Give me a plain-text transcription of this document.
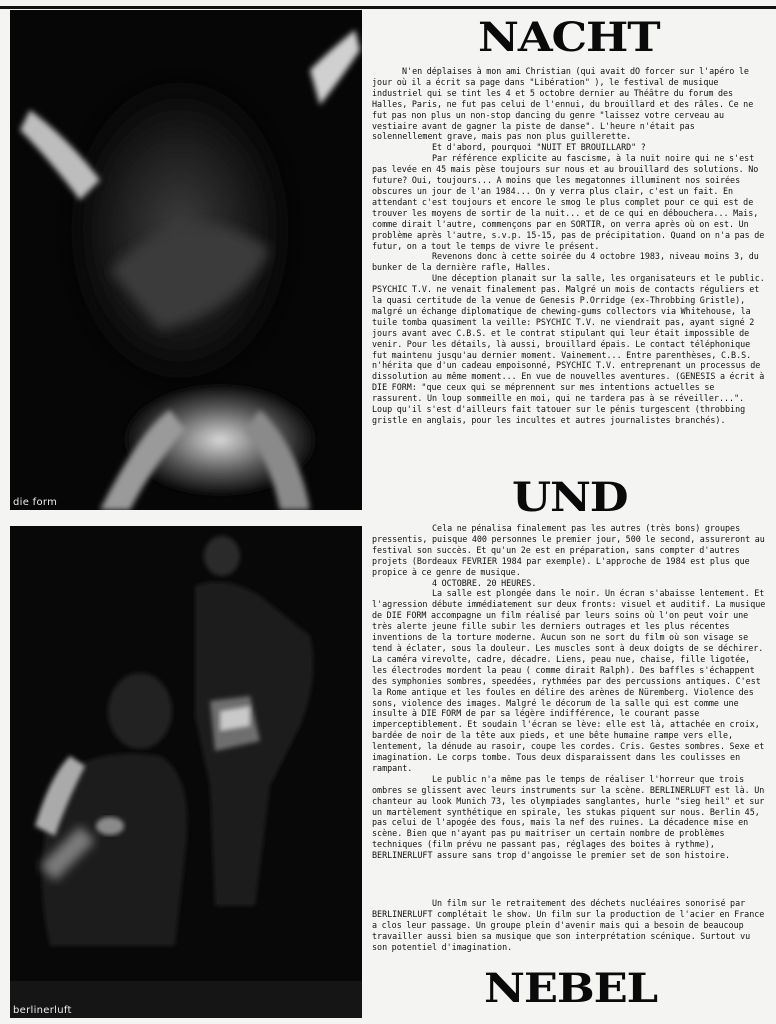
die form
berlinerluft
NACHT

N'en déplaises à mon ami Christian (qui avait dO forcer sur l'apéro le jour où il a écrit sa page dans "Libération" ), le festival de musique industriel qui se tint les 4 et 5 octobre dernier au Théâtre du forum des Halles, Paris, ne fut pas celui de l'ennui, du brouillard et des râles. Ce ne fut pas non plus un non-stop dancing du genre "laissez votre cerveau au vestiaire avant de gagner la piste de danse". L'heure n'était pas solennellement grave, mais pas non plus guillerette.

Et d'abord, pourquoi "NUIT ET BROUILLARD" ?

Par référence explicite au fascisme, à la nuit noire qui ne s'est pas levée en 45 mais pèse toujours sur nous et au brouillard des solutions. No future? Oui, toujours... A moins que les megatonnes illuminent nos soirées obscures un jour de l'an 1984... On y verra plus clair, c'est un fait. En attendant c'est toujours et encore le smog le plus complet pour ce qui est de trouver les moyens de sortir de la nuit... et de ce qui en débouchera... Mais, comme dirait l'autre, commençons par en SORTIR, on verra après où on est. Un problème après l'autre, s.v.p. 15-15, pas de précipitation. Quand on n'a pas de futur, on a tout le temps de vivre le présent.

Revenons donc à cette soirée du 4 octobre 1983, niveau moins 3, du bunker de la dernière rafle, Halles.

Une déception planait sur la salle, les organisateurs et le public. PSYCHIC T.V. ne venait finalement pas. Malgré un mois de contacts réguliers et la quasi certitude de la venue de Genesis P.Orridge (ex-Throbbing Gristle), malgré un échange diplomatique de chewing-gums collectors via Whitehouse, la tuile tomba quasiment la veille: PSYCHIC T.V. ne viendrait pas, ayant signé 2 jours avant avec C.B.S. et le contrat stipulant qui leur était impossible de venir. Pour les détails, là aussi, brouillard épais. Le contact téléphonique fut maintenu jusqu'au dernier moment. Vainement... Entre parenthèses, C.B.S. n'hérita que d'un cadeau empoisonné, PSYCHIC T.V. entreprenant un processus de dissolution au même moment... En vue de nouvelles aventures. (GENESIS a écrit à DIE FORM: "que ceux qui se méprennent sur mes intentions actuelles se rassurent. Un loup sommeille en moi, qui ne tardera pas à se réveiller...". Loup qu'il s'est d'ailleurs fait tatouer sur le pénis turgescent (throbbing gristle en anglais, pour les incultes et autres journalistes branchés).

UND

Cela ne pénalisa finalement pas les autres (très bons) groupes pressentis, puisque 400 personnes le premier jour, 500 le second, assureront au festival son succès. Et qu'un 2e est en préparation, sans compter d'autres projets (Bordeaux FEVRIER 1984 par exemple). L'approche de 1984 est plus que propice à ce genre de musique.

4 OCTOBRE. 20 HEURES.

La salle est plongée dans le noir. Un écran s'abaisse lentement. Et l'agression débute immédiatement sur deux fronts: visuel et auditif. La musique de DIE FORM accompagne un film réalisé par leurs soins où l'on peut voir une très alerte jeune fille subir les derniers outrages et les plus récentes inventions de la torture moderne. Aucun son ne sort du film où son visage se tend à éclater, sous la douleur. Les muscles sont à deux doigts de se déchirer. La caméra virevolte, cadre, décadre. Liens, peau nue, chaise, fille ligotée, les électrodes mordent la peau ( comme dirait Ralph). Des baffles s'échappent des symphonies sombres, speedées, rythmées par des percussions antiques. C'est la Rome antique et les foules en délire des arènes de Nüremberg. Violence des sons, violence des images. Malgré le décorum de la salle qui est comme une insulte à DIE FORM de par sa légère indifférence, le courant passe imperceptiblement. Et soudain l'écran se lève: elle est là, attachée en croix, bardée de noir de la tête aux pieds, et une bête humaine rampe vers elle, lentement, la dénude au rasoir, coupe les cordes. Cris. Gestes sombres. Sexe et imagination. Le corps tombe. Tous deux disparaissent dans les coulisses en rampant.

Le public n'a même pas le temps de réaliser l'horreur que trois ombres se glissent avec leurs instruments sur la scène. BERLINERLUFT est là. Un chanteur au look Munich 73, les olympiades sanglantes, hurle "sieg heil" et sur un martèlement synthétique en spirale, les stukas piquent sur nous. Berlin 45, pas celui de l'apogée des fous, mais la nef des ruines. La décadence mise en scène. Bien que n'ayant pas pu maitriser un certain nombre de problèmes techniques (film prévu ne passant pas, réglages des boites à rythme), BERLINERLUFT assure sans trop d'angoisse le premier set de son histoire.

Un film sur le retraitement des déchets nucléaires sonorisé par BERLINERLUFT complétait le show. Un film sur la production de l'acier en France a clos leur passage. Un groupe plein d'avenir mais qui a besoin de beaucoup travailler aussi bien sa musique que son interprétation scénique. Surtout vu son potentiel d'imagination.

NEBEL
